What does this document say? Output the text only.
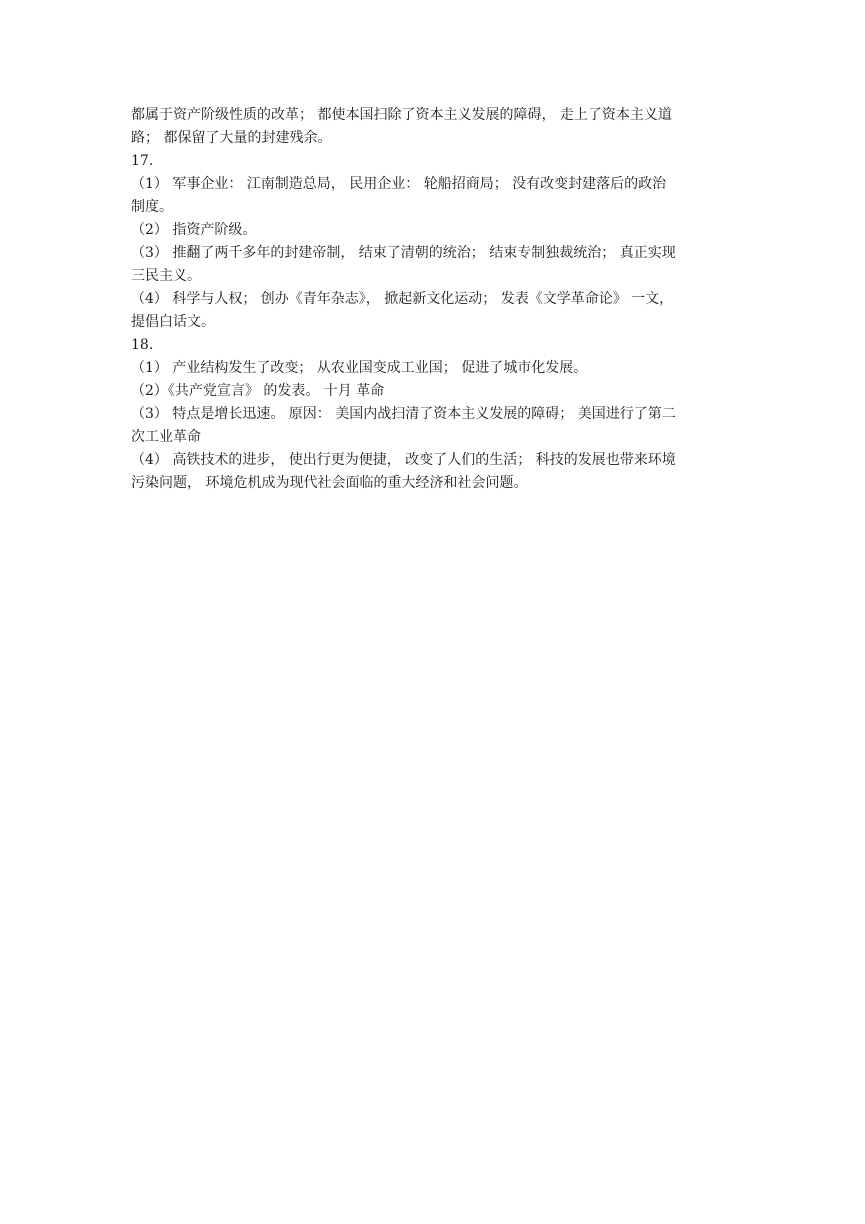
都属于资产阶级性质的改革； 都使本国扫除了资本主义发展的障碍， 走上了资本主义道
路； 都保留了大量的封建残余。
17.
（1） 军事企业： 江南制造总局， 民用企业： 轮船招商局； 没有改变封建落后的政治
制度。
（2） 指资产阶级。
（3） 推翻了两千多年的封建帝制， 结束了清朝的统治； 结束专制独裁统治； 真正实现
三民主义。
（4） 科学与人权； 创办《青年杂志》， 掀起新文化运动； 发表《文学革命论》 一文，
提倡白话文。
18.
（1） 产业结构发生了改变； 从农业国变成工业国； 促进了城市化发展。
（2）《共产党宣言》 的发表。 十月 革命
（3） 特点是增长迅速。 原因： 美国内战扫清了资本主义发展的障碍； 美国进行了第二
次工业革命
（4） 高铁技术的进步， 使出行更为便捷， 改变了人们的生活； 科技的发展也带来环境
污染问题， 环境危机成为现代社会面临的重大经济和社会问题。
